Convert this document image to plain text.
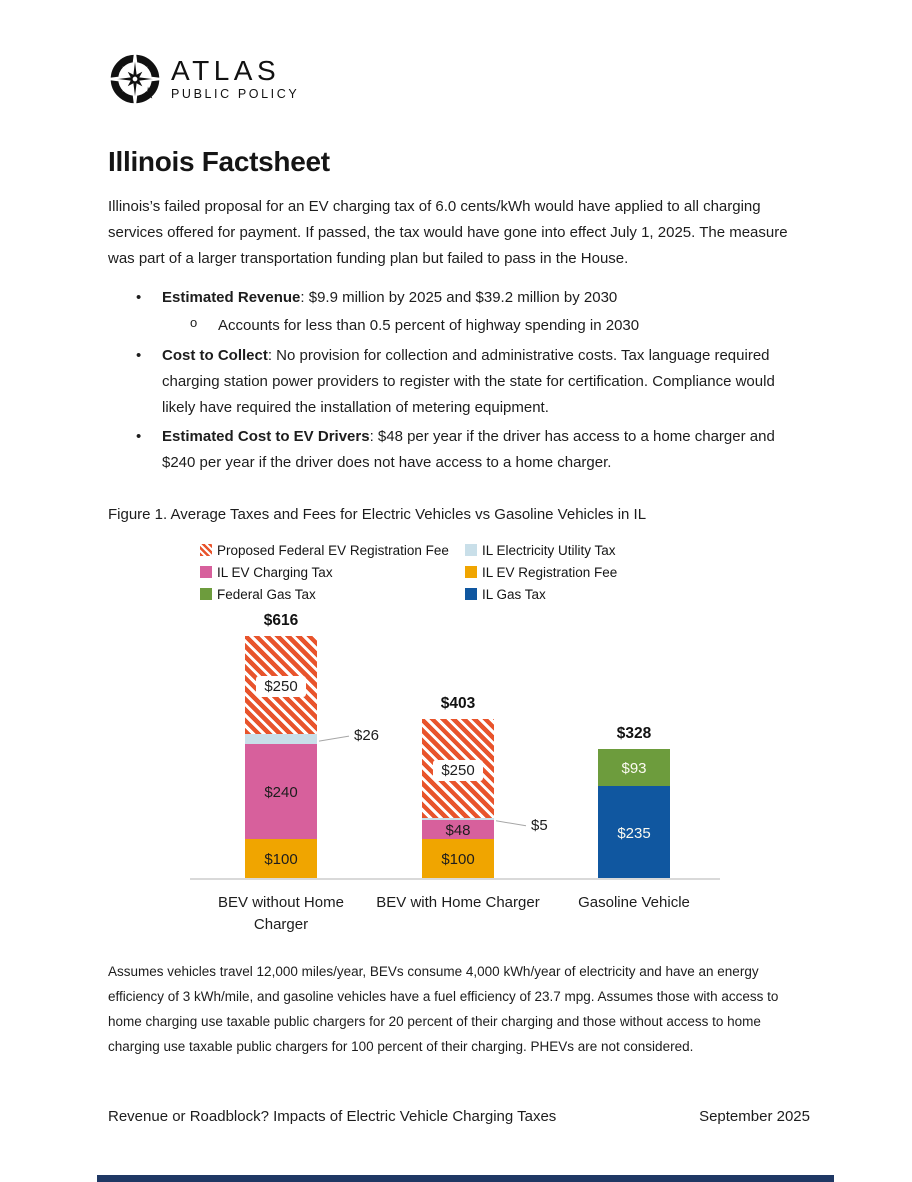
ATLAS
PUBLIC POLICY
Illinois Factsheet

Illinois’s failed proposal for an EV charging tax of 6.0 cents/kWh would have applied to all charging services offered for payment. If passed, the tax would have gone into effect July 1, 2025. The measure was part of a larger transportation funding plan but failed to pass in the House.

• Estimated Revenue: $9.9 million by 2025 and $39.2 million by 2030
o Accounts for less than 0.5 percent of highway spending in 2030
• Cost to Collect: No provision for collection and administrative costs. Tax language required charging station power providers to register with the state for certification. Compliance would likely have required the installation of metering equipment.
• Estimated Cost to EV Drivers: $48 per year if the driver has access to a home charger and $240 per year if the driver does not have access to a home charger.

Figure 1. Average Taxes and Fees for Electric Vehicles vs Gasoline Vehicles in IL

Proposed Federal EV Registration Fee IL Electricity Utility Tax
IL EV Charging Tax	IL EV Registration Fee
Federal Gas Tax	IL Gas Tax
$100
$240
$26
$250
$616
$100
$48	$5
$250
$403
$235
$93
$328
BEV without Home Charger
BEV with Home Charger	Gasoline Vehicle

Assumes vehicles travel 12,000 miles/year, BEVs consume 4,000 kWh/year of electricity and have an energy efficiency of 3 kWh/mile, and gasoline vehicles have a fuel efficiency of 23.7 mpg. Assumes those with access to home charging use taxable public chargers for 20 percent of their charging and those without access to home charging use taxable public chargers for 100 percent of their charging. PHEVs are not considered.

Revenue or Roadblock? Impacts of Electric Vehicle Charging Taxes	September 2025
